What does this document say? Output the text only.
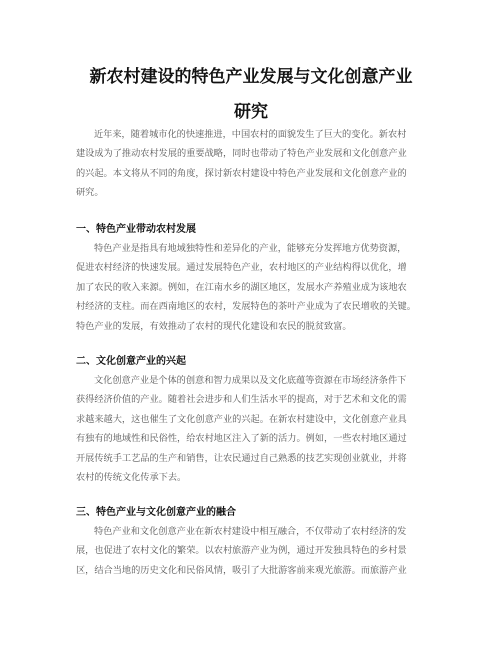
新农村建设的特色产业发展与文化创意产业
研究
近年来，随着城市化的快速推进，中国农村的面貌发生了巨大的变化。新农村
建设成为了推动农村发展的重要战略，同时也带动了特色产业发展和文化创意产业
的兴起。本文将从不同的角度，探讨新农村建设中特色产业发展和文化创意产业的
研究。
一、特色产业带动农村发展
特色产业是指具有地域独特性和差异化的产业，能够充分发挥地方优势资源，
促进农村经济的快速发展。通过发展特色产业，农村地区的产业结构得以优化，增
加了农民的收入来源。例如，在江南水乡的湖区地区，发展水产养殖业成为该地农
村经济的支柱。而在西南地区的农村，发展特色的茶叶产业成为了农民增收的关键。
特色产业的发展，有效推动了农村的现代化建设和农民的脱贫致富。
二、文化创意产业的兴起
文化创意产业是个体的创意和智力成果以及文化底蕴等资源在市场经济条件下
获得经济价值的产业。随着社会进步和人们生活水平的提高，对于艺术和文化的需
求越来越大，这也催生了文化创意产业的兴起。在新农村建设中，文化创意产业具
有独有的地域性和民俗性，给农村地区注入了新的活力。例如，一些农村地区通过
开展传统手工艺品的生产和销售，让农民通过自己熟悉的技艺实现创业就业，并将
农村的传统文化传承下去。
三、特色产业与文化创意产业的融合
特色产业和文化创意产业在新农村建设中相互融合，不仅带动了农村经济的发
展，也促进了农村文化的繁荣。以农村旅游产业为例，通过开发独具特色的乡村景
区，结合当地的历史文化和民俗风情，吸引了大批游客前来观光旅游。而旅游产业
